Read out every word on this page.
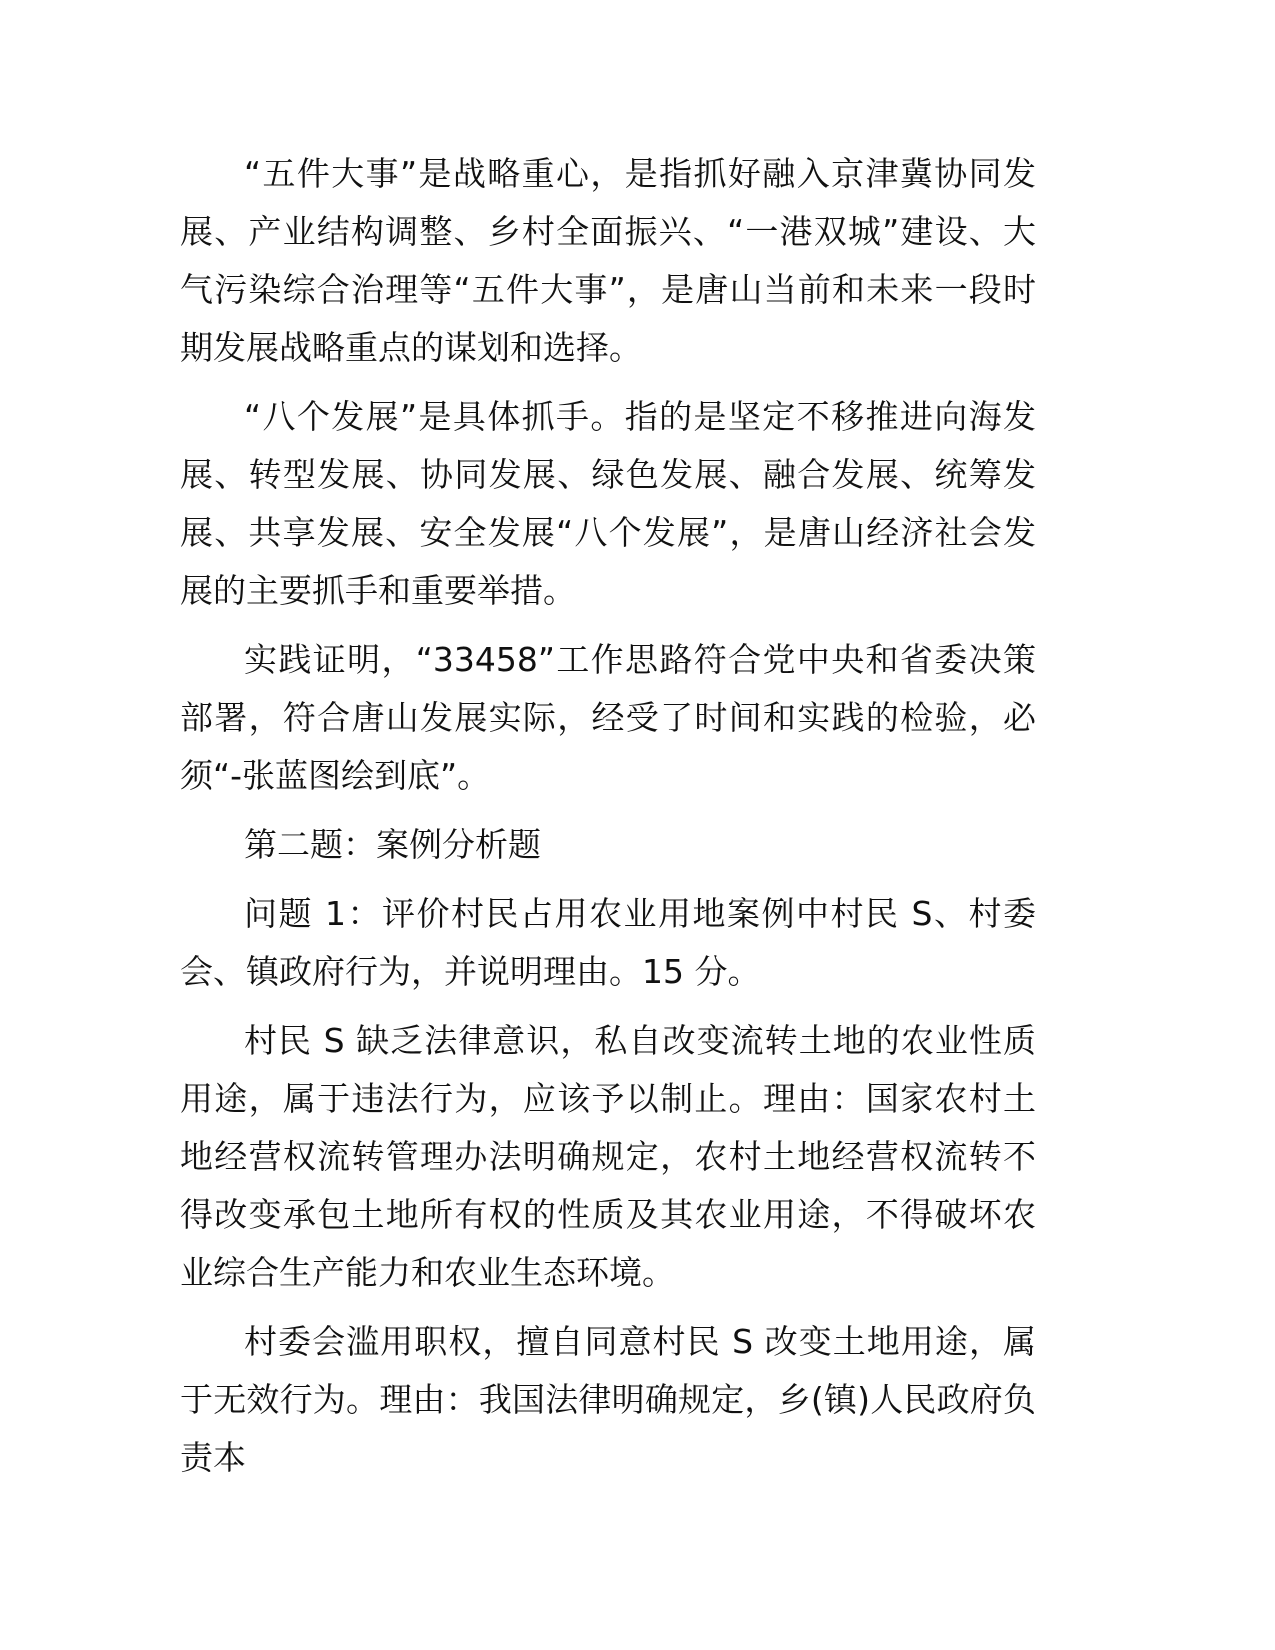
“五件大事”是战略重心，是指抓好融入京津冀协同发展、产业结构调整、乡村全面振兴、“一港双城”建设、大气污染综合治理等“五件大事”，是唐山当前和未来一段时期发展战略重点的谋划和选择。

“八个发展”是具体抓手。指的是坚定不移推进向海发展、转型发展、协同发展、绿色发展、融合发展、统筹发展、共享发展、安全发展“八个发展”，是唐山经济社会发展的主要抓手和重要举措。

实践证明，“33458”工作思路符合党中央和省委决策部署，符合唐山发展实际，经受了时间和实践的检验，必须“-张蓝图绘到底”。

第二题：案例分析题

问题 1：评价村民占用农业用地案例中村民 S、村委会、镇政府行为，并说明理由。15 分。

村民 S 缺乏法律意识，私自改变流转土地的农业性质用途，属于违法行为，应该予以制止。理由：国家农村土地经营权流转管理办法明确规定，农村土地经营权流转不得改变承包土地所有权的性质及其农业用途，不得破坏农业综合生产能力和农业生态环境。

村委会滥用职权，擅自同意村民 S 改变土地用途，属于无效行为。理由：我国法律明确规定，乡(镇)人民政府负责本
